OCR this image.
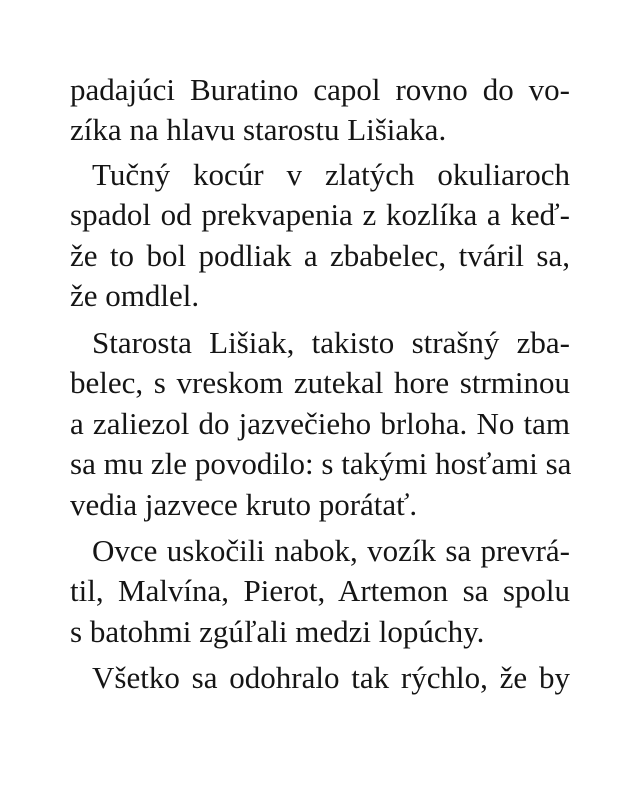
padajúci Buratino capol rovno do vo-

zíka na hlavu starostu Lišiaka.

Tučný kocúr v zlatých okuliaroch

spadol od prekvapenia z kozlíka a keď-

že to bol podliak a zbabelec, tváril sa,

že omdlel.

Starosta Lišiak, takisto strašný zba-

belec, s vreskom zutekal hore strminou

a zaliezol do jazvečieho brloha. No tam

sa mu zle povodilo: s takými hosťami sa

vedia jazvece kruto porátať.

Ovce uskočili nabok, vozík sa prevrá-

til, Malvína, Pierot, Artemon sa spolu

s batohmi zgúľali medzi lopúchy.

Všetko sa odohralo tak rýchlo, že by
